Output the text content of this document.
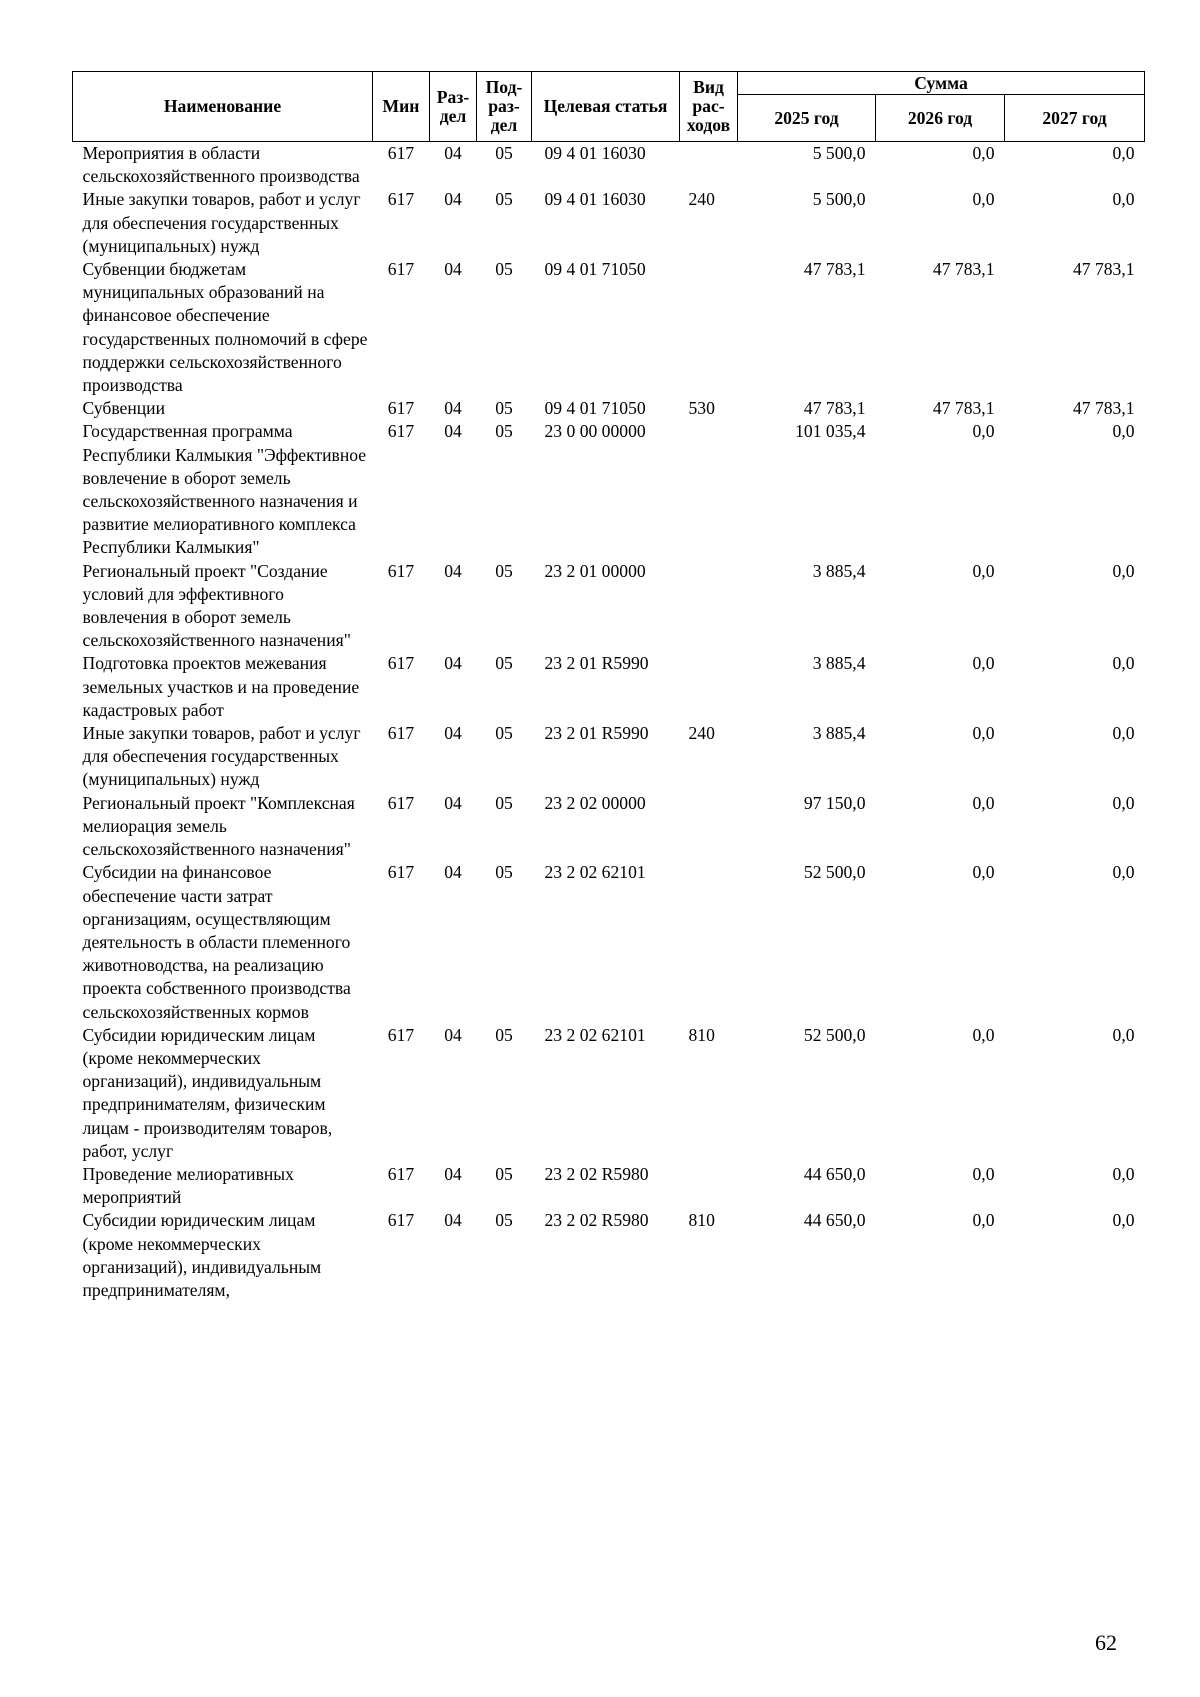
Наименование	Мин	Раз-дел	Под-раз-дел	Целевая статья	Вид рас-ходов	Сумма		
						2025 год	2026 год	2027 год
Мероприятия в области сельскохозяйственного производства	617	04	05	09 4 01 16030		5 500,0	0,0	0,0
Иные закупки товаров, работ и услуг для обеспечения государственных (муниципальных) нужд	617	04	05	09 4 01 16030	240	5 500,0	0,0	0,0
Субвенции бюджетам муниципальных образований на финансовое обеспечение государственных полномочий в сфере поддержки сельскохозяйственного производства	617	04	05	09 4 01 71050		47 783,1	47 783,1	47 783,1
Субвенции	617	04	05	09 4 01 71050	530	47 783,1	47 783,1	47 783,1
Государственная программа Республики Калмыкия "Эффективное вовлечение в оборот земель сельскохозяйственного назначения и развитие мелиоративного комплекса Республики Калмыкия"	617	04	05	23 0 00 00000		101 035,4	0,0	0,0
Региональный проект "Создание условий для эффективного вовлечения в оборот земель сельскохозяйственного назначения"	617	04	05	23 2 01 00000		3 885,4	0,0	0,0
Подготовка проектов межевания земельных участков и на проведение кадастровых работ	617	04	05	23 2 01 R5990		3 885,4	0,0	0,0
Иные закупки товаров, работ и услуг для обеспечения государственных (муниципальных) нужд	617	04	05	23 2 01 R5990	240	3 885,4	0,0	0,0
Региональный проект "Комплексная мелиорация земель сельскохозяйственного назначения"	617	04	05	23 2 02 00000		97 150,0	0,0	0,0
Субсидии на финансовое обеспечение части затрат организациям, осуществляющим деятельность в области племенного животноводства, на реализацию проекта собственного производства сельскохозяйственных кормов	617	04	05	23 2 02 62101		52 500,0	0,0	0,0
Субсидии юридическим лицам (кроме некоммерческих организаций), индивидуальным предпринимателям, физическим лицам - производителям товаров, работ, услуг	617	04	05	23 2 02 62101	810	52 500,0	0,0	0,0
Проведение мелиоративных мероприятий	617	04	05	23 2 02 R5980		44 650,0	0,0	0,0
Субсидии юридическим лицам (кроме некоммерческих организаций), индивидуальным предпринимателям,	617	04	05	23 2 02 R5980	810	44 650,0	0,0	0,0
62
